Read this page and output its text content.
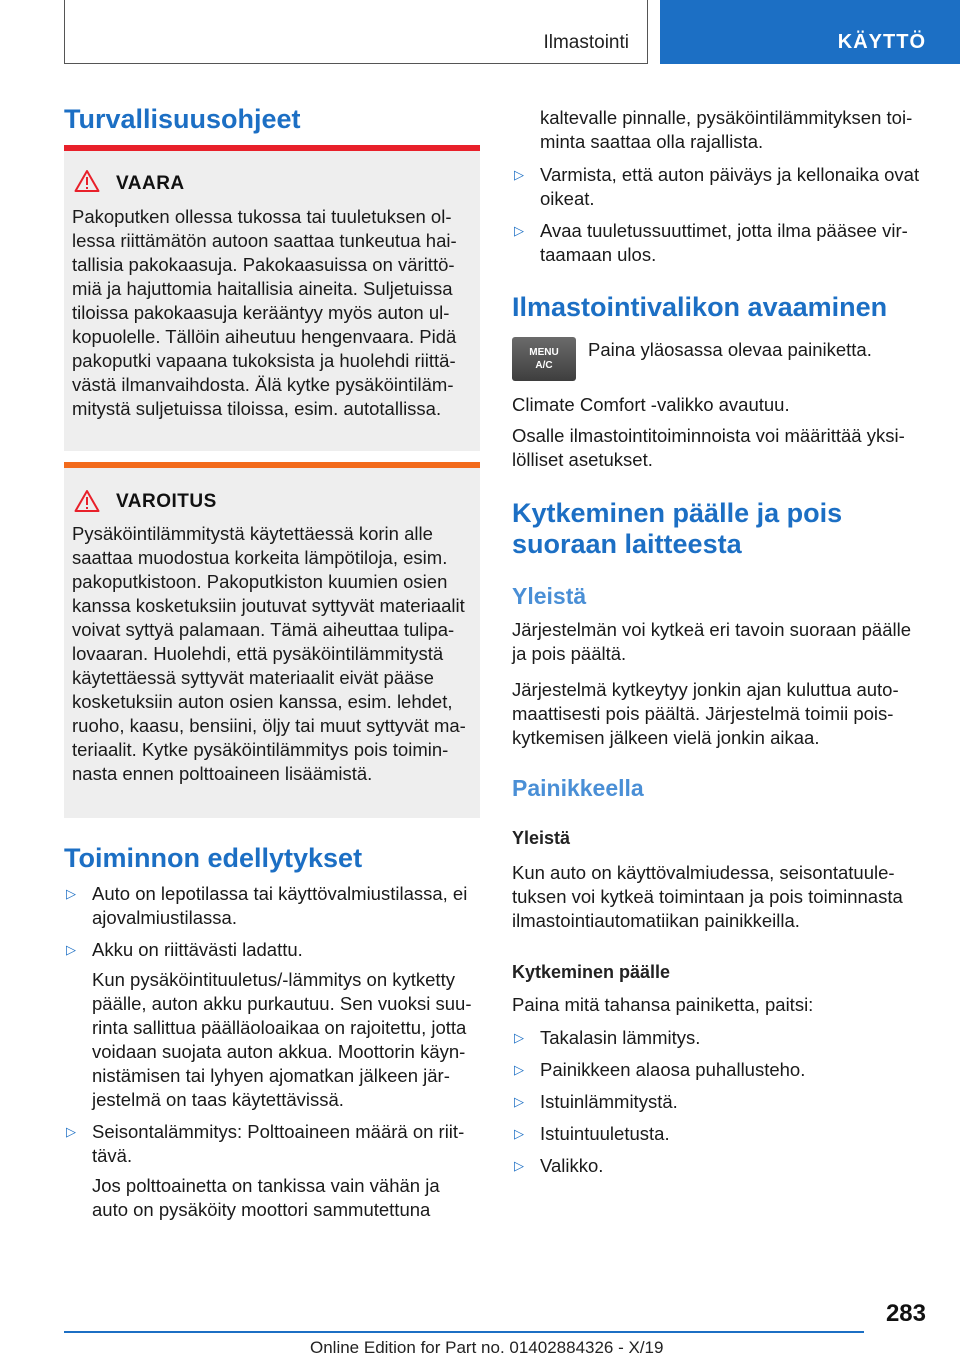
Ilmastointi	KÄYTTÖ
Turvallisuusohjeet
VAARA

Pakoputken ollessa tukossa tai tuuletuksen ollessa riittämätön autoon saattaa tunkeutua haitallisia pakokaasuja. Pakokaasuissa on värittömiä ja hajuttomia haitallisia aineita. Suljetuissa tiloissa pakokaasuja kerääntyy myös auton ulkopuolelle. Tällöin aiheutuu hengenvaara. Pidä pakoputki vapaana tukoksista ja huolehdi riittävästä ilmanvaihdosta. Älä kytke pysäköintilämmitystä suljetuissa tiloissa, esim. autotallissa.

VAROITUS

Pysäköintilämmitystä käytettäessä korin alle saattaa muodostua korkeita lämpötiloja, esim. pakoputkistoon. Pakoputkiston kuumien osien kanssa kosketuksiin joutuvat syttyvät materiaalit voivat syttyä palamaan. Tämä aiheuttaa tulipalovaaran. Huolehdi, että pysäköintilämmitystä käytettäessä syttyvät materiaalit eivät pääse kosketuksiin auton osien kanssa, esim. lehdet, ruoho, kaasu, bensiini, öljy tai muut syttyvät materiaalit. Kytke pysäköintilämmitys pois toiminnasta ennen polttoaineen lisäämistä.

Toiminnon edellytykset
▷ Auto on lepotilassa tai käyttövalmiustilassa, ei ajovalmiustilassa.
▷ Akku on riittävästi ladattu.
Kun pysäköintituuletus/-lämmitys on kytketty päälle, auton akku purkautuu. Sen vuoksi suurinta sallittua päälläoloaikaa on rajoitettu, jotta voidaan suojata auton akkua. Moottorin käynnistämisen tai lyhyen ajomatkan jälkeen järjestelmä on taas käytettävissä.
▷ Seisontalämmitys: Polttoaineen määrä on riittävä.
Jos polttoainetta on tankissa vain vähän ja auto on pysäköity moottori sammutettuna

kaltevalle pinnalle, pysäköintilämmityksen toiminta saattaa olla rajallista.

▷ Varmista, että auton päiväys ja kellonaika ovat oikeat.
▷ Avaa tuuletussuuttimet, jotta ilma pääsee virtaamaan ulos.
Ilmastointivalikon avaaminen
MENU
A/C

Paina yläosassa olevaa painiketta.

Climate Comfort -valikko avautuu.

Osalle ilmastointitoiminnoista voi määrittää yksilölliset asetukset.

Kytkeminen päälle ja pois suoraan laitteesta
Yleistä

Järjestelmän voi kytkeä eri tavoin suoraan päälle ja pois päältä.

Järjestelmä kytkeytyy jonkin ajan kuluttua automaattisesti pois päältä. Järjestelmä toimii poiskytkemisen jälkeen vielä jonkin aikaa.

Painikkeella
Yleistä

Kun auto on käyttövalmiudessa, seisontatuuletuksen voi kytkeä toimintaan ja pois toiminnasta ilmastointiautomatiikan painikkeilla.

Kytkeminen päälle

Paina mitä tahansa painiketta, paitsi:

▷ Takalasin lämmitys.
▷ Painikkeen alaosa puhallusteho.
▷ Istuinlämmitystä.
▷ Istuintuuletusta.
▷ Valikko.
283
Online Edition for Part no. 01402884326 - X/19
